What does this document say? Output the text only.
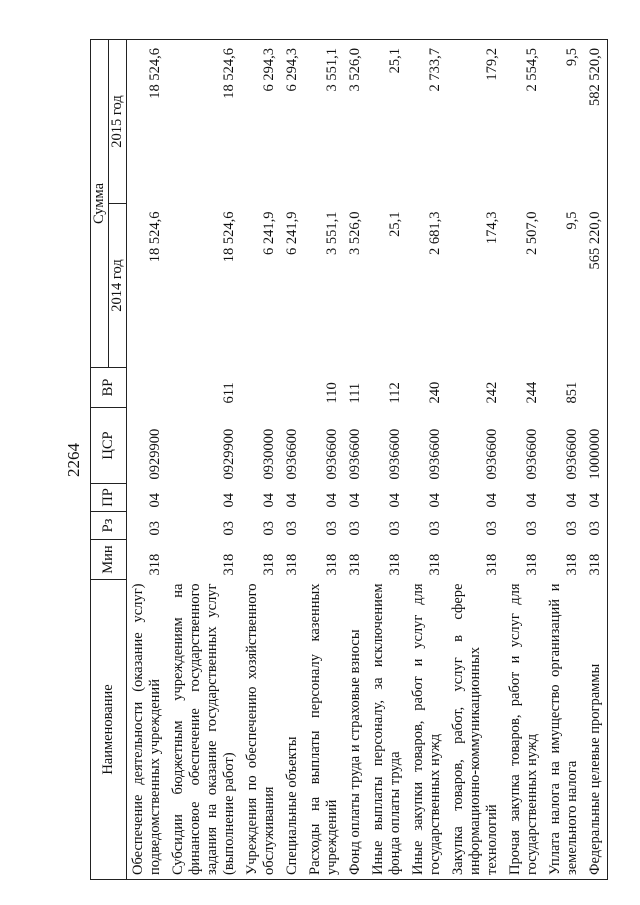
2264
Наименование	Мин	Рз	ПР	ЦСР	ВР	Сумма	
						2014 год	2015 год
Обеспечение деятельности (оказание услуг) подведомственных учреждений	318	03	04	0929900		18 524,6	18 524,6
Субсидии бюджетным учреждениям на финансовое обеспечение государственного задания на оказание государственных услуг (выполнение работ)	318	03	04	0929900	611	18 524,6	18 524,6
Учреждения по обеспечению хозяйственного обслуживания	318	03	04	0930000		6 241,9	6 294,3
Специальные объекты	318	03	04	0936600		6 241,9	6 294,3
Расходы на выплаты персоналу казенных учреждений	318	03	04	0936600	110	3 551,1	3 551,1
Фонд оплаты труда и страховые взносы	318	03	04	0936600	111	3 526,0	3 526,0
Иные выплаты персоналу, за исключением фонда оплаты труда	318	03	04	0936600	112	25,1	25,1
Иные закупки товаров, работ и услуг для государственных нужд	318	03	04	0936600	240	2 681,3	2 733,7
Закупка товаров, работ, услуг в сфере информационно-коммуникационных технологий	318	03	04	0936600	242	174,3	179,2
Прочая закупка товаров, работ и услуг для государственных нужд	318	03	04	0936600	244	2 507,0	2 554,5
Уплата налога на имущество организаций и земельного налога	318	03	04	0936600	851	9,5	9,5
Федеральные целевые программы	318	03	04	1000000		565 220,0	582 520,0
